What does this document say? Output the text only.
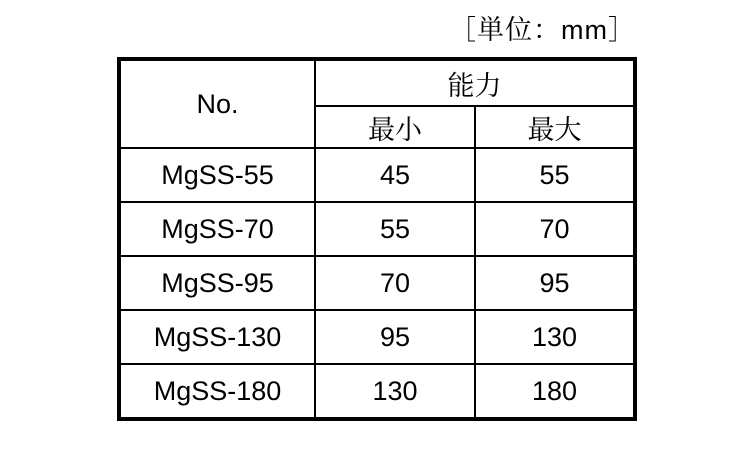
［単位：mm］
No.	能力	
	最小	最大
MgSS-55	45	55
MgSS-70	55	70
MgSS-95	70	95
MgSS-130	95	130
MgSS-180	130	180
